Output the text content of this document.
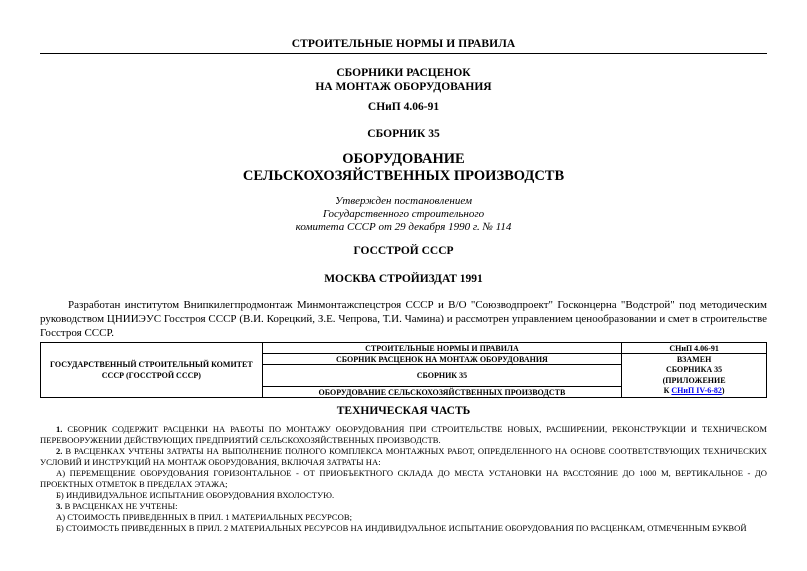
СТРОИТЕЛЬНЫЕ НОРМЫ И ПРАВИЛА
СБОРНИКИ РАСЦЕНОК
НА МОНТАЖ ОБОРУДОВАНИЯ
СНиП 4.06-91
СБОРНИК 35
ОБОРУДОВАНИЕ
СЕЛЬСКОХОЗЯЙСТВЕННЫХ ПРОИЗВОДСТВ
Утвержден постановлением
Государственного строительного
комитета СССР от 29 декабря 1990 г. № 114
ГОССТРОЙ СССР
МОСКВА СТРОЙИЗДАТ 1991
Разработан институтом Внипкилегпродмонтаж Минмонтажспецстроя СССР и В/О "Союзводпроект" Госконцерна "Водстрой" под методическим руководством ЦНИИЭУС Госстроя СССР (В.И. Корецкий, З.Е. Чепрова, Т.И. Чамина) и рассмотрен управлением ценообразовании и смет в строительстве Госстроя СССР.
ГОСУДАРСТВЕННЫЙ СТРОИТЕЛЬНЫЙ КОМИТЕТ СССР (ГОССТРОЙ СССР)	СТРОИТЕЛЬНЫЕ НОРМЫ И ПРАВИЛА	СНиП 4.06-91
	СБОРНИК РАСЦЕНОК НА МОНТАЖ ОБОРУДОВАНИЯ	ВЗАМЕН
СБОРНИКА 35
(ПРИЛОЖЕНИЕ
К СНиП IV-6-82)

	СБОРНИК 35	
	ОБОРУДОВАНИЕ СЕЛЬСКОХОЗЯЙСТВЕННЫХ ПРОИЗВОДСТВ	
ТЕХНИЧЕСКАЯ ЧАСТЬ

1. СБОРНИК СОДЕРЖИТ РАСЦЕНКИ НА РАБОТЫ ПО МОНТАЖУ ОБОРУДОВАНИЯ ПРИ СТРОИТЕЛЬСТВЕ НОВЫХ, РАСШИРЕНИИ, РЕКОНСТРУКЦИИ И ТЕХНИЧЕСКОМ ПЕРЕВООРУЖЕНИИ ДЕЙСТВУЮЩИХ ПРЕДПРИЯТИЙ СЕЛЬСКОХОЗЯЙСТВЕННЫХ ПРОИЗВОДСТВ.

2. В РАСЦЕНКАХ УЧТЕНЫ ЗАТРАТЫ НА ВЫПОЛНЕНИЕ ПОЛНОГО КОМПЛЕКСА МОНТАЖНЫХ РАБОТ, ОПРЕДЕЛЕННОГО НА ОСНОВЕ СООТВЕТСТВУЮЩИХ ТЕХНИЧЕСКИХ УСЛОВИЙ И ИНСТРУКЦИЙ НА МОНТАЖ ОБОРУДОВАНИЯ, ВКЛЮЧАЯ ЗАТРАТЫ НА:

А) ПЕРЕМЕЩЕНИЕ ОБОРУДОВАНИЯ ГОРИЗОНТАЛЬНОЕ - ОТ ПРИОБЪЕКТНОГО СКЛАДА ДО МЕСТА УСТАНОВКИ НА РАССТОЯНИЕ ДО 1000 М, ВЕРТИКАЛЬНОЕ - ДО ПРОЕКТНЫХ ОТМЕТОК В ПРЕДЕЛАХ ЭТАЖА;

Б) ИНДИВИДУАЛЬНОЕ ИСПЫТАНИЕ ОБОРУДОВАНИЯ ВХОЛОСТУЮ.

3. В РАСЦЕНКАХ НЕ УЧТЕНЫ:

А) СТОИМОСТЬ ПРИВЕДЕННЫХ В ПРИЛ. 1 МАТЕРИАЛЬНЫХ РЕСУРСОВ;

Б) СТОИМОСТЬ ПРИВЕДЕННЫХ В ПРИЛ. 2 МАТЕРИАЛЬНЫХ РЕСУРСОВ НА ИНДИВИДУАЛЬНОЕ ИСПЫТАНИЕ ОБОРУДОВАНИЯ ПО РАСЦЕНКАМ, ОТМЕЧЕННЫМ БУКВОЙ
